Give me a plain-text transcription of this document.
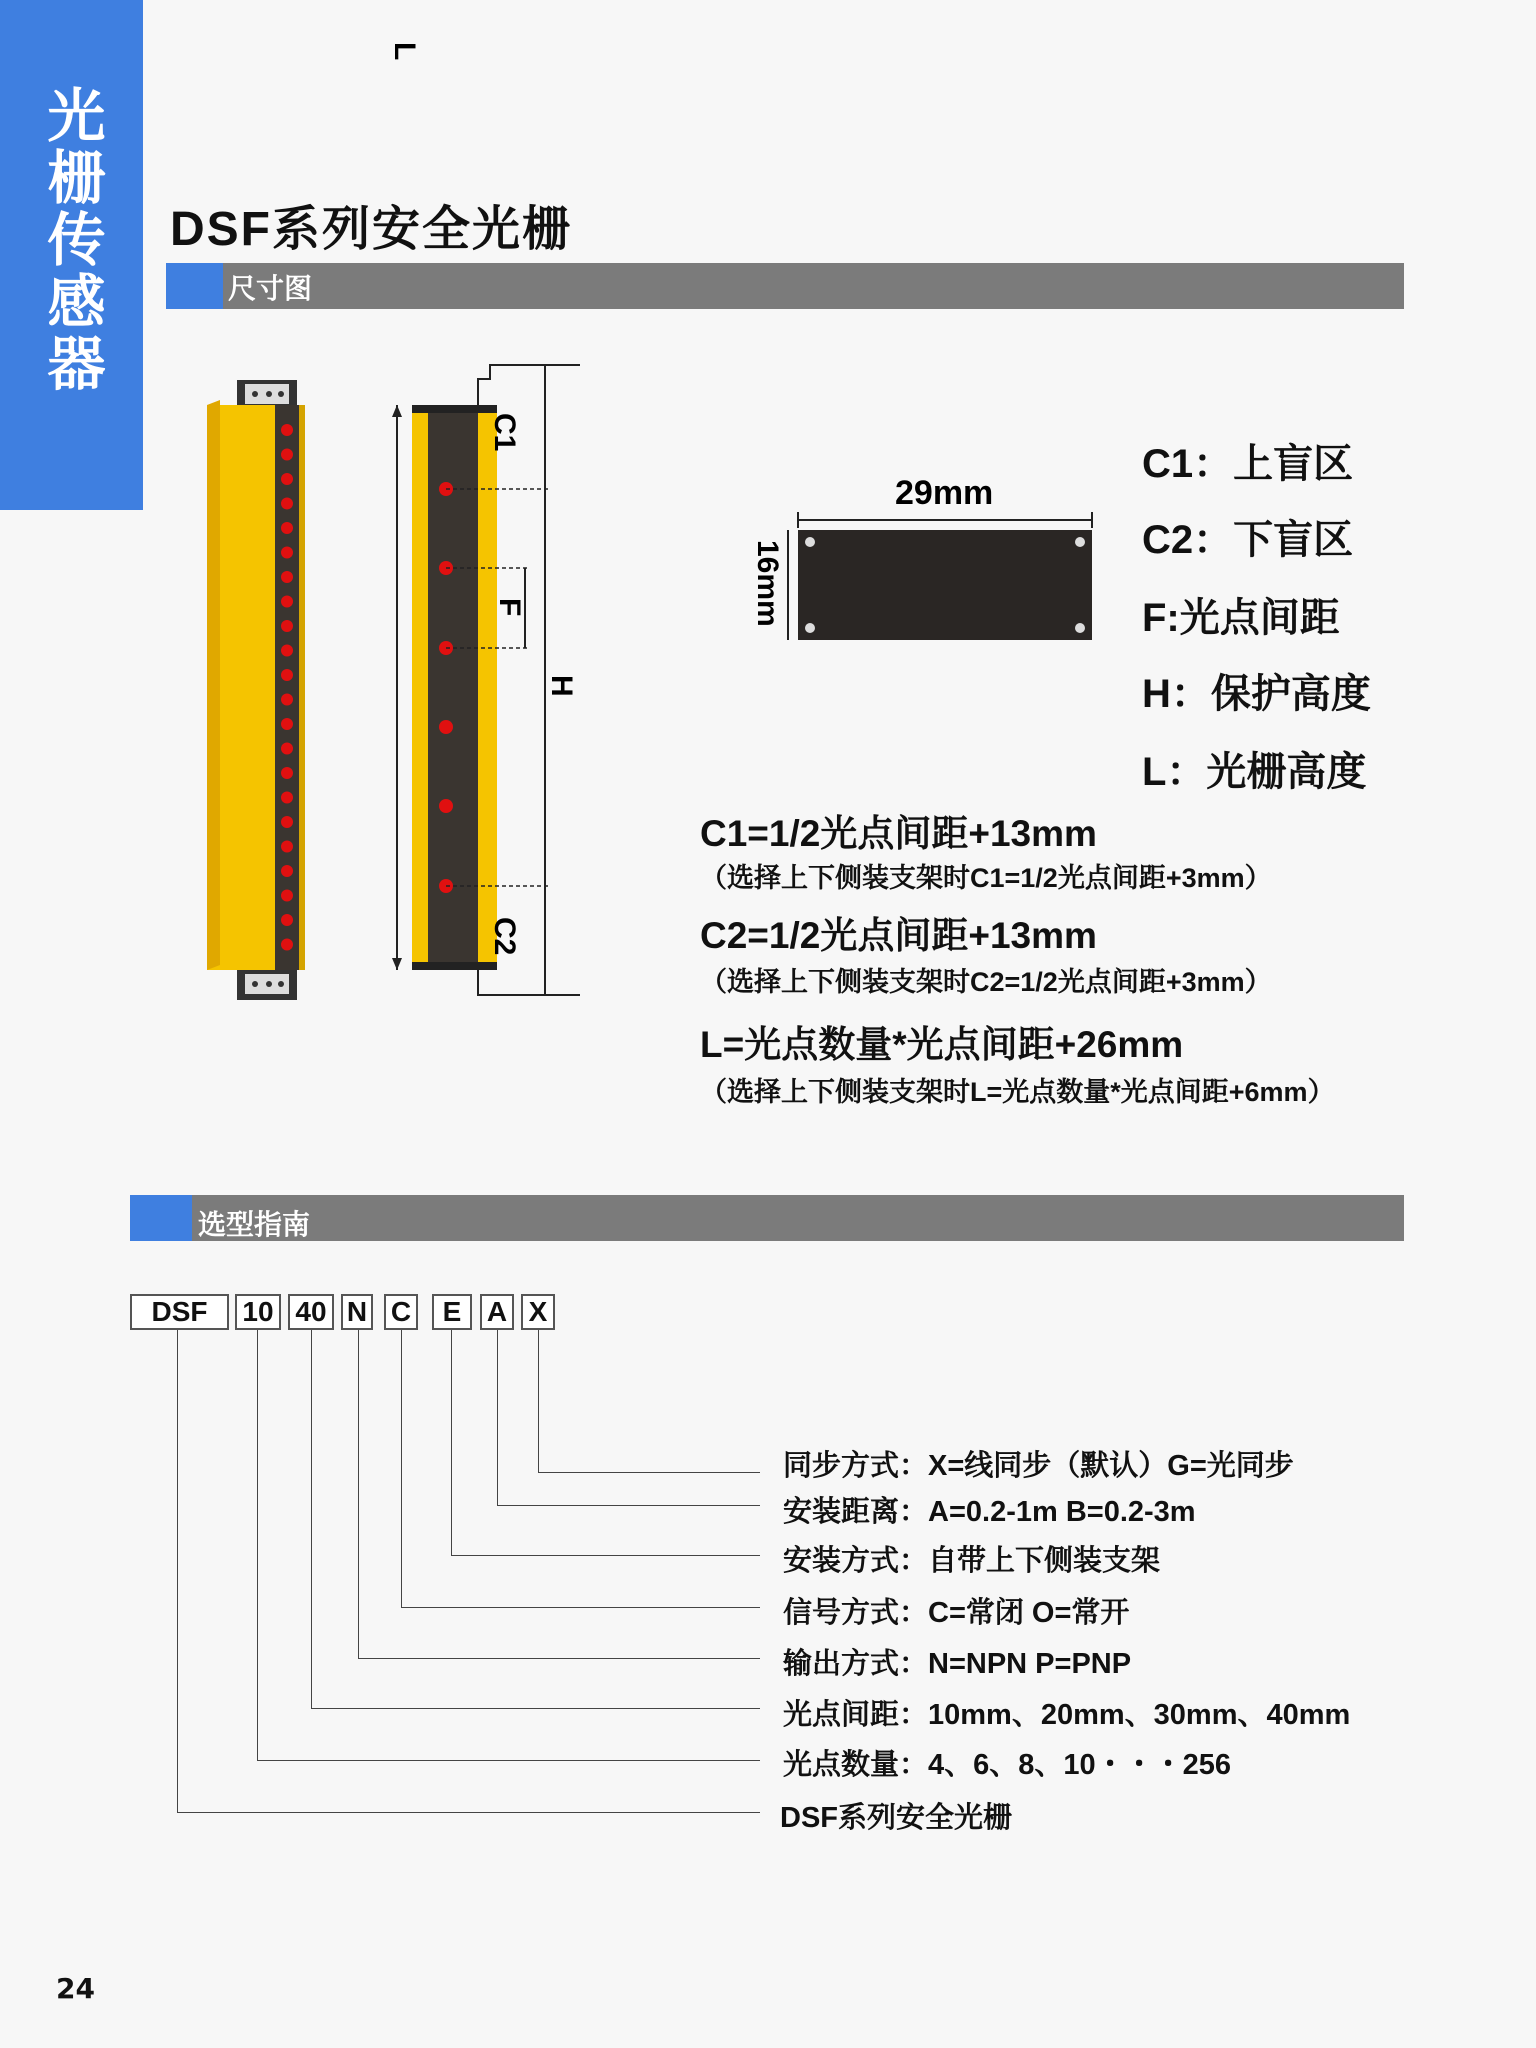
光栅传感器 DSF系列安全光栅
尺寸图
L
C1
F
H
C2
29mm
16mm
C1：上盲区
C2：下盲区
F:光点间距
H：保护高度
L：光栅高度
C1=1/2光点间距+13mm
（选择上下侧装支架时C1=1/2光点间距+3mm）
C2=1/2光点间距+13mm
（选择上下侧装支架时C2=1/2光点间距+3mm）
L=光点数量*光点间距+26mm
（选择上下侧装支架时L=光点数量*光点间距+6mm）
选型指南
DSF	10 40 N C	E A X
同步方式：X=线同步（默认）G=光同步
安装距离：A=0.2-1m B=0.2-3m
安装方式：自带上下侧装支架
信号方式：C=常闭 O=常开
输出方式：N=NPN P=PNP
光点间距：10mm、20mm、30mm、40mm
光点数量：4、6、8、10・・・256
DSF系列安全光栅
24
